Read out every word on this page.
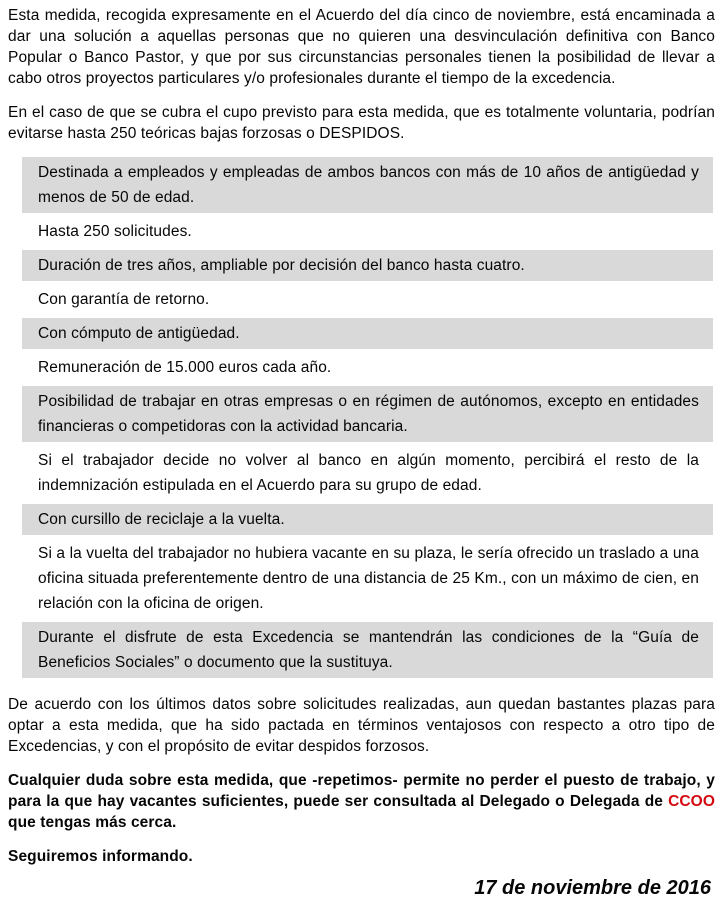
Esta medida, recogida expresamente en el Acuerdo del día cinco de noviembre, está encaminada a dar una solución a aquellas personas que no quieren una desvinculación definitiva con Banco Popular o Banco Pastor, y que por sus circunstancias personales tienen la posibilidad de llevar a cabo otros proyectos particulares y/o profesionales durante el tiempo de la excedencia.

En el caso de que se cubra el cupo previsto para esta medida, que es totalmente voluntaria, podrían evitarse hasta 250 teóricas bajas forzosas o DESPIDOS.

Destinada a empleados y empleadas de ambos bancos con más de 10 años de antigüedad y menos de 50 de edad.
Hasta 250 solicitudes.
Duración de tres años, ampliable por decisión del banco hasta cuatro.
Con garantía de retorno.
Con cómputo de antigüedad.
Remuneración de 15.000 euros cada año.
Posibilidad de trabajar en otras empresas o en régimen de autónomos, excepto en entidades financieras o competidoras con la actividad bancaria.
Si el trabajador decide no volver al banco en algún momento, percibirá el resto de la indemnización estipulada en el Acuerdo para su grupo de edad.
Con cursillo de reciclaje a la vuelta.
Si a la vuelta del trabajador no hubiera vacante en su plaza, le sería ofrecido un traslado a una oficina situada preferentemente dentro de una distancia de 25 Km., con un máximo de cien, en relación con la oficina de origen.
Durante el disfrute de esta Excedencia se mantendrán las condiciones de la “Guía de Beneficios Sociales” o documento que la sustituya.

De acuerdo con los últimos datos sobre solicitudes realizadas, aun quedan bastantes plazas para optar a esta medida, que ha sido pactada en términos ventajosos con respecto a otro tipo de Excedencias, y con el propósito de evitar despidos forzosos.

Cualquier duda sobre esta medida, que -repetimos- permite no perder el puesto de trabajo, y para la que hay vacantes suficientes, puede ser consultada al Delegado o Delegada de CCOO que tengas más cerca.

Seguiremos informando.

17 de noviembre de 2016
